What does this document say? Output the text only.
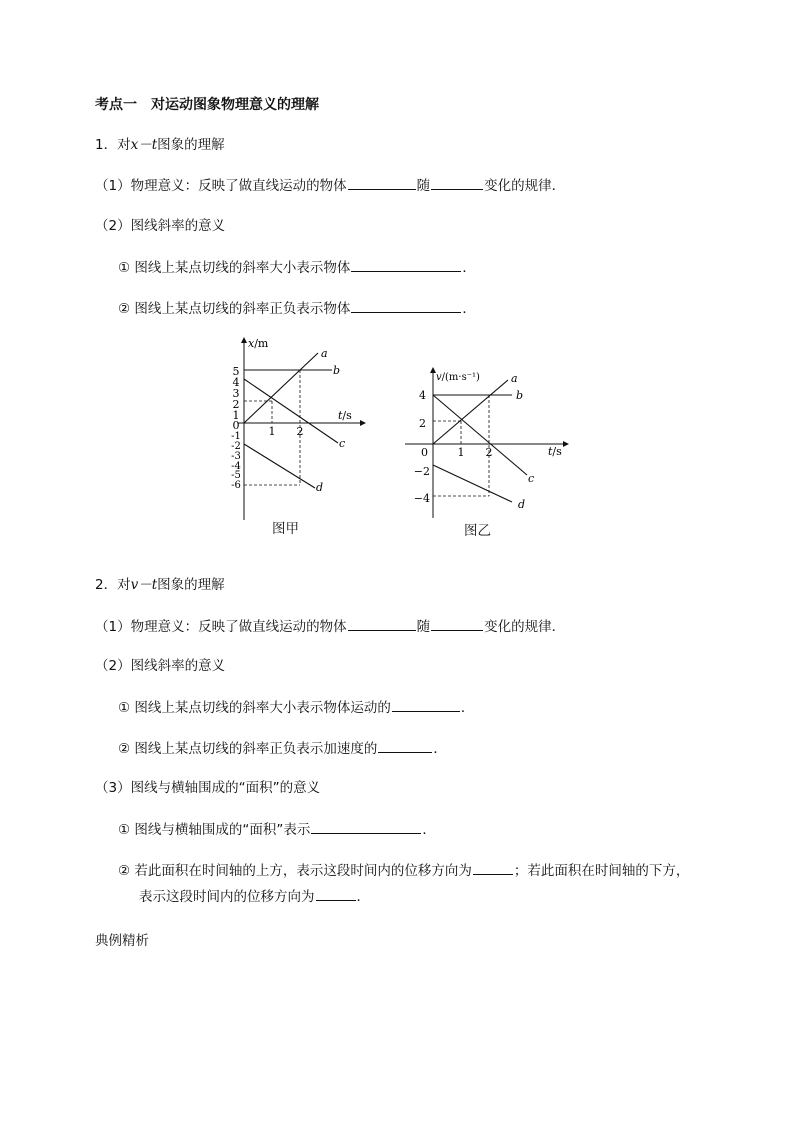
考点一　对运动图象物理意义的理解
1．对x－t图象的理解
（1）物理意义：反映了做直线运动的物体	随	变化的规律．
（2）图线斜率的意义
① 图线上某点切线的斜率大小表示物体	．
② 图线上某点切线的斜率正负表示物体	．
x/m
t/s
5
4
3
2
1
0
-1
-2
-3
-4
-5
-6
1 2
a
b
c
d
图甲
v/(m·s⁻¹)
t/s
4
2
0
−2
−4
1 2
a
b
c
d
图乙
2．对v－t图象的理解
（1）物理意义：反映了做直线运动的物体	随	变化的规律．
（2）图线斜率的意义
① 图线上某点切线的斜率大小表示物体运动的	．
② 图线上某点切线的斜率正负表示加速度的	．
（3）图线与横轴围成的“面积”的意义
① 图线与横轴围成的“面积”表示	．
② 若此面积在时间轴的上方，表示这段时间内的位移方向为	；若此面积在时间轴的下方，
表示这段时间内的位移方向为	．
典例精析
